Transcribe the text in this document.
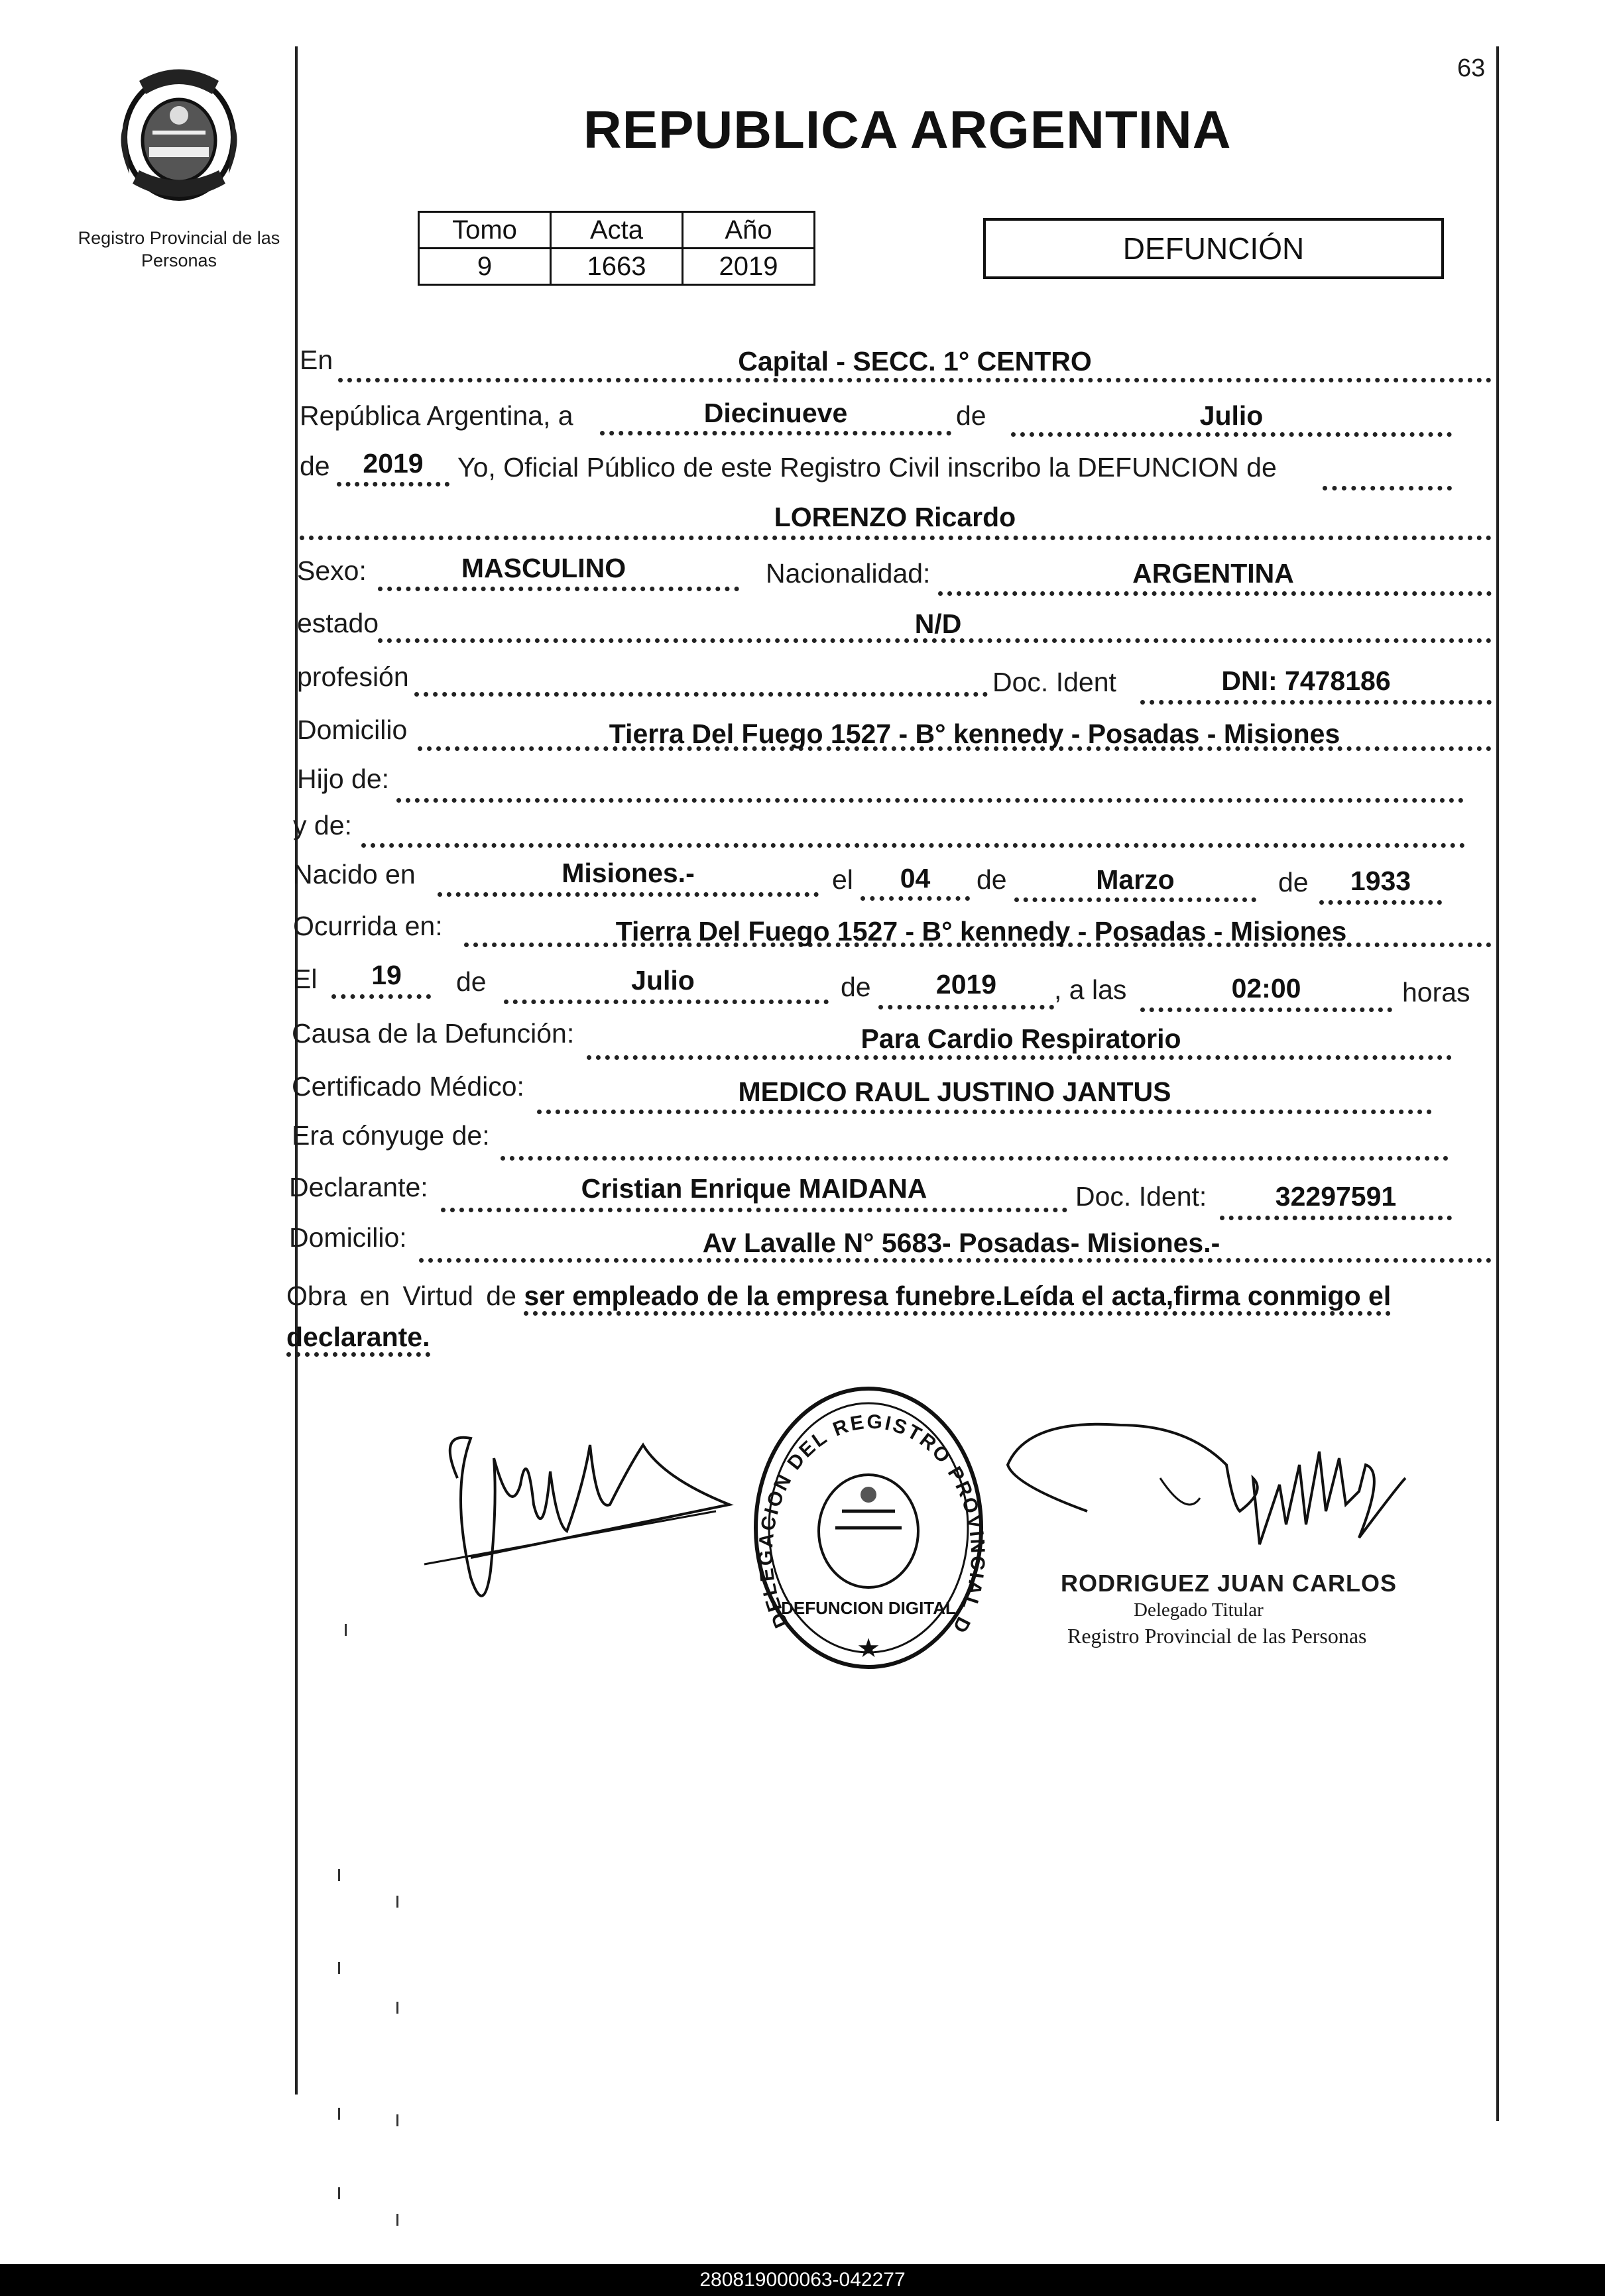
Registro Provincial de las Personas
63
REPUBLICA ARGENTINA
Tomo	Acta	Año
9	1663	2019
DEFUNCIÓN
En	Capital - SECC. 1° CENTRO
República Argentina, a	Diecinueve	de	Julio
de	2019	Yo, Oficial Público de este Registro Civil inscribo la DEFUNCION de
LORENZO Ricardo
Sexo:	MASCULINO	Nacionalidad:	ARGENTINA
estado	N/D
profesión	Doc. Ident	DNI: 7478186
Domicilio	Tierra Del Fuego 1527 - B° kennedy - Posadas - Misiones
Hijo de:
y de:
Nacido en	Misiones.-	el	04	de	Marzo	de	1933
Ocurrida en:	Tierra Del Fuego 1527 - B° kennedy - Posadas - Misiones
El	19	de	Julio	de	2019	, a las	02:00	horas
Causa de la Defunción:	Para Cardio Respiratorio
Certificado Médico:	MEDICO RAUL JUSTINO JANTUS
Era cónyuge de:
Declarante:	Cristian Enrique MAIDANA	Doc. Ident:	32297591
Domicilio:	Av Lavalle N° 5683- Posadas- Misiones.-
Obra en Virtud de ser empleado de la empresa funebre.Leída el acta,firma conmigo el declarante.
DELEGACION DEL REGISTRO PROVINCIAL D
DEFUNCION DIGITAL
★
RODRIGUEZ JUAN CARLOS
Delegado Titular
Registro Provincial de las Personas
280819000063-042277
